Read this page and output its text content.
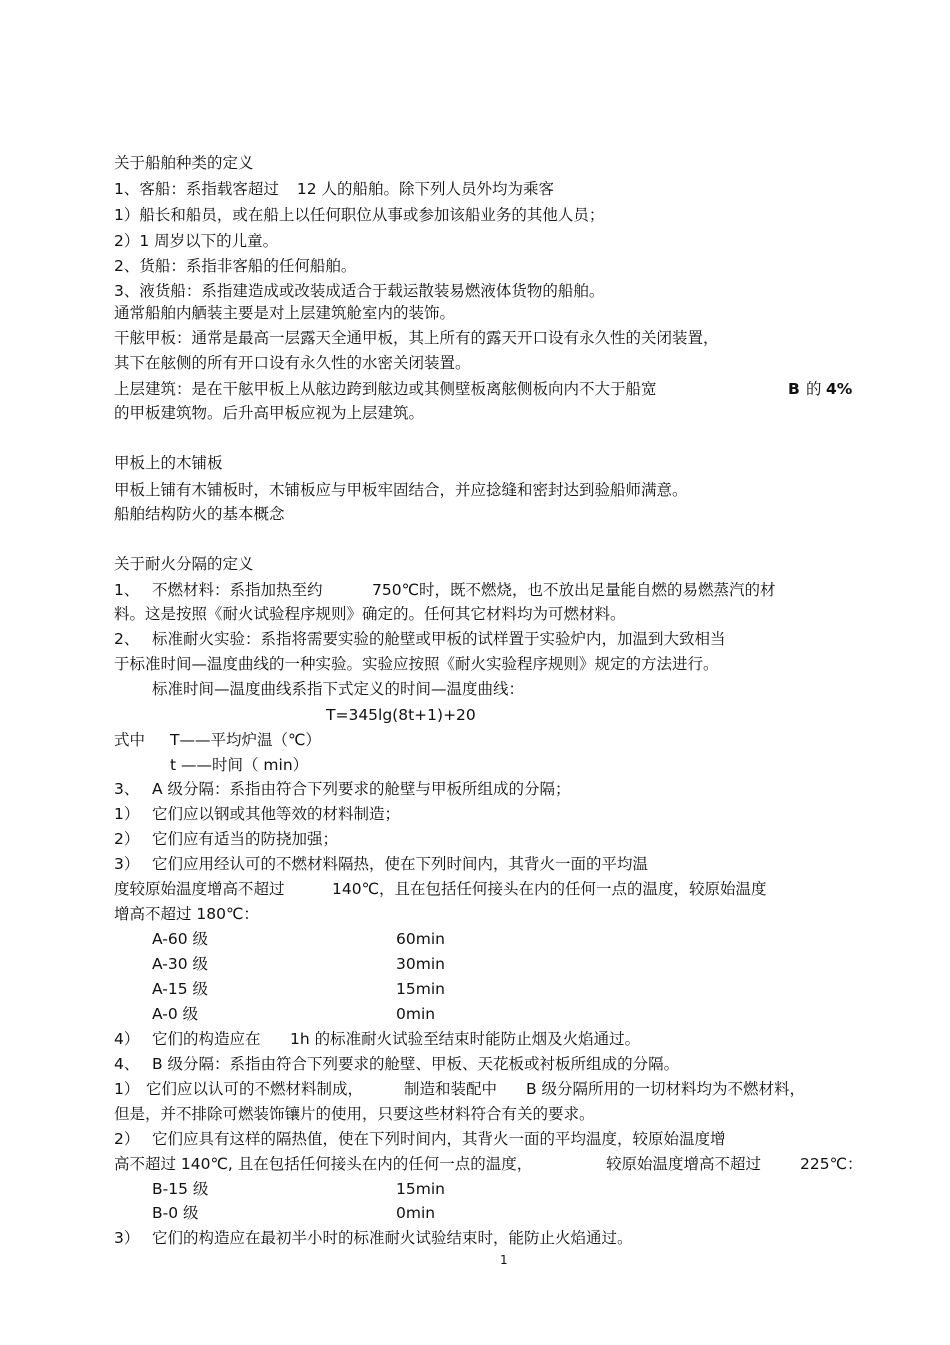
关于船舶种类的定义
1、客船：系指载客超过 12 人的船舶。除下列人员外均为乘客
1）船长和船员，或在船上以任何职位从事或参加该船业务的其他人员；
2）1 周岁以下的儿童。
2、货船：系指非客船的任何船舶。
3、液货船：系指建造成或改装成适合于载运散装易燃液体货物的船舶。
通常船舶内舾装主要是对上层建筑舱室内的装饰。
干舷甲板：通常是最高一层露天全通甲板，其上所有的露天开口设有永久性的关闭装置，
其下在舷侧的所有开口设有永久性的水密关闭装置。
上层建筑：是在干舷甲板上从舷边跨到舷边或其侧壁板离舷侧板向内不大于船宽	B 的 4%
的甲板建筑物。后升高甲板应视为上层建筑。
甲板上的木铺板
甲板上铺有木铺板时，木铺板应与甲板牢固结合，并应捻缝和密封达到验船师满意。
船舶结构防火的基本概念
关于耐火分隔的定义
1、 不燃材料：系指加热至约	750℃时，既不燃烧，也不放出足量能自燃的易燃蒸汽的材
料。这是按照《耐火试验程序规则》确定的。任何其它材料均为可燃材料。
2、 标准耐火实验：系指将需要实验的舱壁或甲板的试样置于实验炉内，加温到大致相当
于标准时间—温度曲线的一种实验。实验应按照《耐火实验程序规则》规定的方法进行。
标准时间—温度曲线系指下式定义的时间—温度曲线：
T=345lg(8t+1)+20
式中 T——平均炉温（℃）
t ——时间（ min）
3、 A 级分隔：系指由符合下列要求的舱壁与甲板所组成的分隔；
1） 它们应以钢或其他等效的材料制造；
2） 它们应有适当的防挠加强；
3） 它们应用经认可的不燃材料隔热，使在下列时间内，其背火一面的平均温
度较原始温度增高不超过	140℃，且在包括任何接头在内的任何一点的温度，较原始温度
增高不超过 180℃：
A-60 级	60min
A-30 级	30min
A-15 级	15min
A-0 级	0min
4） 它们的构造应在 1h 的标准耐火试验至结束时能防止烟及火焰通过。
4、 B 级分隔：系指由符合下列要求的舱壁、甲板、天花板或衬板所组成的分隔。
1） 它们应以认可的不燃材料制成，	制造和装配中 B 级分隔所用的一切材料均为不燃材料，
但是，并不排除可燃装饰镶片的使用，只要这些材料符合有关的要求。
2） 它们应具有这样的隔热值，使在下列时间内，其背火一面的平均温度，较原始温度增
高不超过 140℃, 且在包括任何接头在内的任何一点的温度，	较原始温度增高不超过	225℃：
B-15 级	15min
B-0 级	0min
3） 它们的构造应在最初半小时的标准耐火试验结束时，能防止火焰通过。
1
